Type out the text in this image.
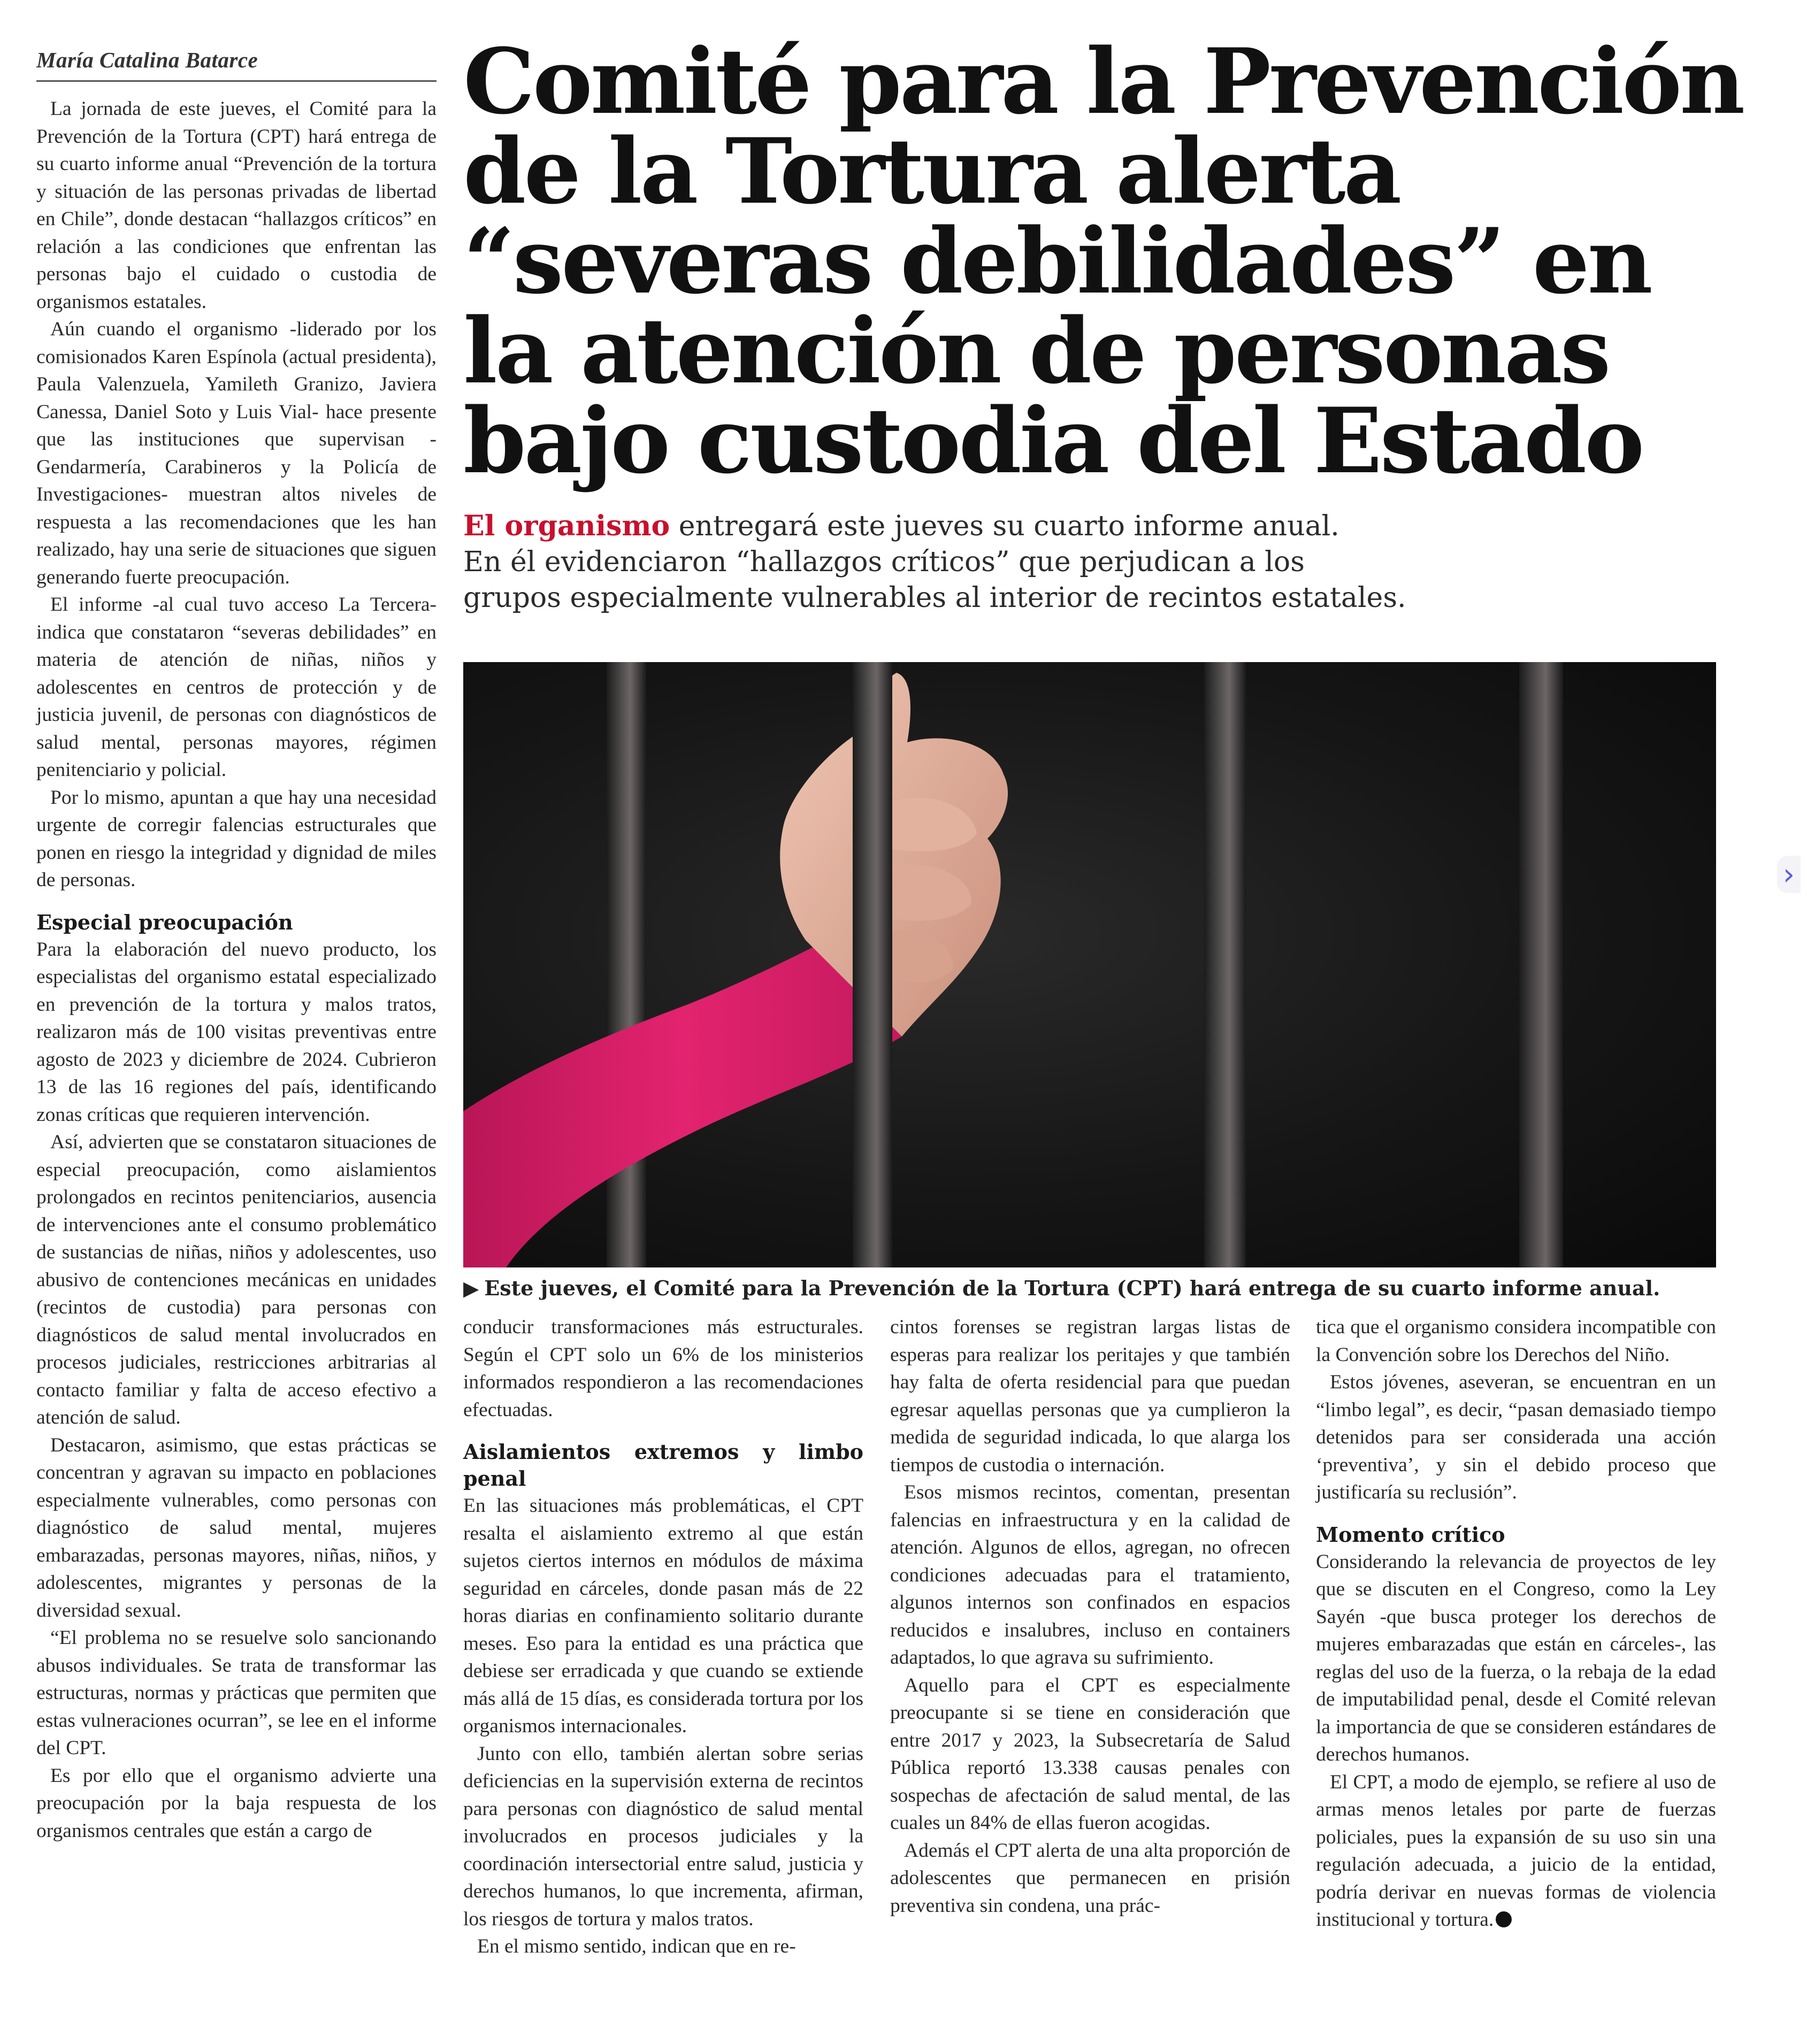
María Catalina Batarce	Comité para la Prevención
de la Tortura alerta
“severas debilidades” en
la atención de personas
bajo custodia del Estado
El organismo entregará este jueves su cuarto informe anual.
En él evidenciaron “hallazgos críticos” que perjudican a los
grupos especialmente vulnerables al interior de recintos estatales.
▶ Este jueves, el Comité para la Prevención de la Tortura (CPT) hará entrega de su cuarto informe anual.

La jornada de este jueves, el Comité para la Prevención de la Tortura (CPT) hará entrega de su cuarto informe anual “Prevención de la tortura y situación de las personas privadas de libertad en Chile”, donde destacan “hallazgos críticos” en relación a las condiciones que enfrentan las personas bajo el cuidado o custodia de organismos estatales.

Aún cuando el organismo -liderado por los comisionados Karen Espínola (actual presidenta), Paula Valenzuela, Yamileth Granizo, Javiera Canessa, Daniel Soto y Luis Vial- hace presente que las instituciones que supervisan -Gendarmería, Carabineros y la Policía de Investigaciones- muestran altos niveles de respuesta a las recomendaciones que les han realizado, hay una serie de situaciones que siguen generando fuerte preocupación.

El informe -al cual tuvo acceso La Tercera- indica que constataron “severas debilidades” en materia de atención de niñas, niños y adolescentes en centros de protección y de justicia juvenil, de personas con diagnósticos de salud mental, personas mayores, régimen penitenciario y policial.

Por lo mismo, apuntan a que hay una necesidad urgente de corregir falencias estructurales que ponen en riesgo la integridad y dignidad de miles de personas.

Especial preocupación

Para la elaboración del nuevo producto, los especialistas del organismo estatal especializado en prevención de la tortura y malos tratos, realizaron más de 100 visitas preventivas entre agosto de 2023 y diciembre de 2024. Cubrieron 13 de las 16 regiones del país, identificando zonas críticas que requieren intervención.

Así, advierten que se constataron situaciones de especial preocupación, como aislamientos prolongados en recintos penitenciarios, ausencia de intervenciones ante el consumo problemático de sustancias de niñas, niños y adolescentes, uso abusivo de contenciones mecánicas en unidades (recintos de custodia) para personas con diagnósticos de salud mental involucrados en procesos judiciales, restricciones arbitrarias al contacto familiar y falta de acceso efectivo a atención de salud.

Destacaron, asimismo, que estas prácticas se concentran y agravan su impacto en poblaciones especialmente vulnerables, como personas con diagnóstico de salud mental, mujeres embarazadas, personas mayores, niñas, niños, y adolescentes, migrantes y personas de la diversidad sexual.

“El problema no se resuelve solo sancionando abusos individuales. Se trata de transformar las estructuras, normas y prácticas que permiten que estas vulneraciones ocurran”, se lee en el informe del CPT.

Es por ello que el organismo advierte una preocupación por la baja respuesta de los organismos centrales que están a cargo de

conducir transformaciones más estructurales. Según el CPT solo un 6% de los ministerios informados respondieron a las recomendaciones efectuadas.

Aislamientos extremos y limbo penal

En las situaciones más problemáticas, el CPT resalta el aislamiento extremo al que están sujetos ciertos internos en módulos de máxima seguridad en cárceles, donde pasan más de 22 horas diarias en confinamiento solitario durante meses. Eso para la entidad es una práctica que debiese ser erradicada y que cuando se extiende más allá de 15 días, es considerada tortura por los organismos internacionales.

Junto con ello, también alertan sobre serias deficiencias en la supervisión externa de recintos para personas con diagnóstico de salud mental involucrados en procesos judiciales y la coordinación intersectorial entre salud, justicia y derechos humanos, lo que incrementa, afirman, los riesgos de tortura y malos tratos.

En el mismo sentido, indican que en re-

cintos forenses se registran largas listas de esperas para realizar los peritajes y que también hay falta de oferta residencial para que puedan egresar aquellas personas que ya cumplieron la medida de seguridad indicada, lo que alarga los tiempos de custodia o internación.

Esos mismos recintos, comentan, presentan falencias en infraestructura y en la calidad de atención. Algunos de ellos, agregan, no ofrecen condiciones adecuadas para el tratamiento, algunos internos son confinados en espacios reducidos e insalubres, incluso en containers adaptados, lo que agrava su sufrimiento.

Aquello para el CPT es especialmente preocupante si se tiene en consideración que entre 2017 y 2023, la Subsecretaría de Salud Pública reportó 13.338 causas penales con sospechas de afectación de salud mental, de las cuales un 84% de ellas fueron acogidas.

Además el CPT alerta de una alta proporción de adolescentes que permanecen en prisión preventiva sin condena, una prác-

tica que el organismo considera incompatible con la Convención sobre los Derechos del Niño.

Estos jóvenes, aseveran, se encuentran en un “limbo legal”, es decir, “pasan demasiado tiempo detenidos para ser considerada una acción ‘preventiva’, y sin el debido proceso que justificaría su reclusión”.

Momento crítico

Considerando la relevancia de proyectos de ley que se discuten en el Congreso, como la Ley Sayén -que busca proteger los derechos de mujeres embarazadas que están en cárceles-, las reglas del uso de la fuerza, o la rebaja de la edad de imputabilidad penal, desde el Comité relevan la importancia de que se consideren estándares de derechos humanos.

El CPT, a modo de ejemplo, se refiere al uso de armas menos letales por parte de fuerzas policiales, pues la expansión de su uso sin una regulación adecuada, a juicio de la entidad, podría derivar en nuevas formas de violencia institucional y tortura.

›
